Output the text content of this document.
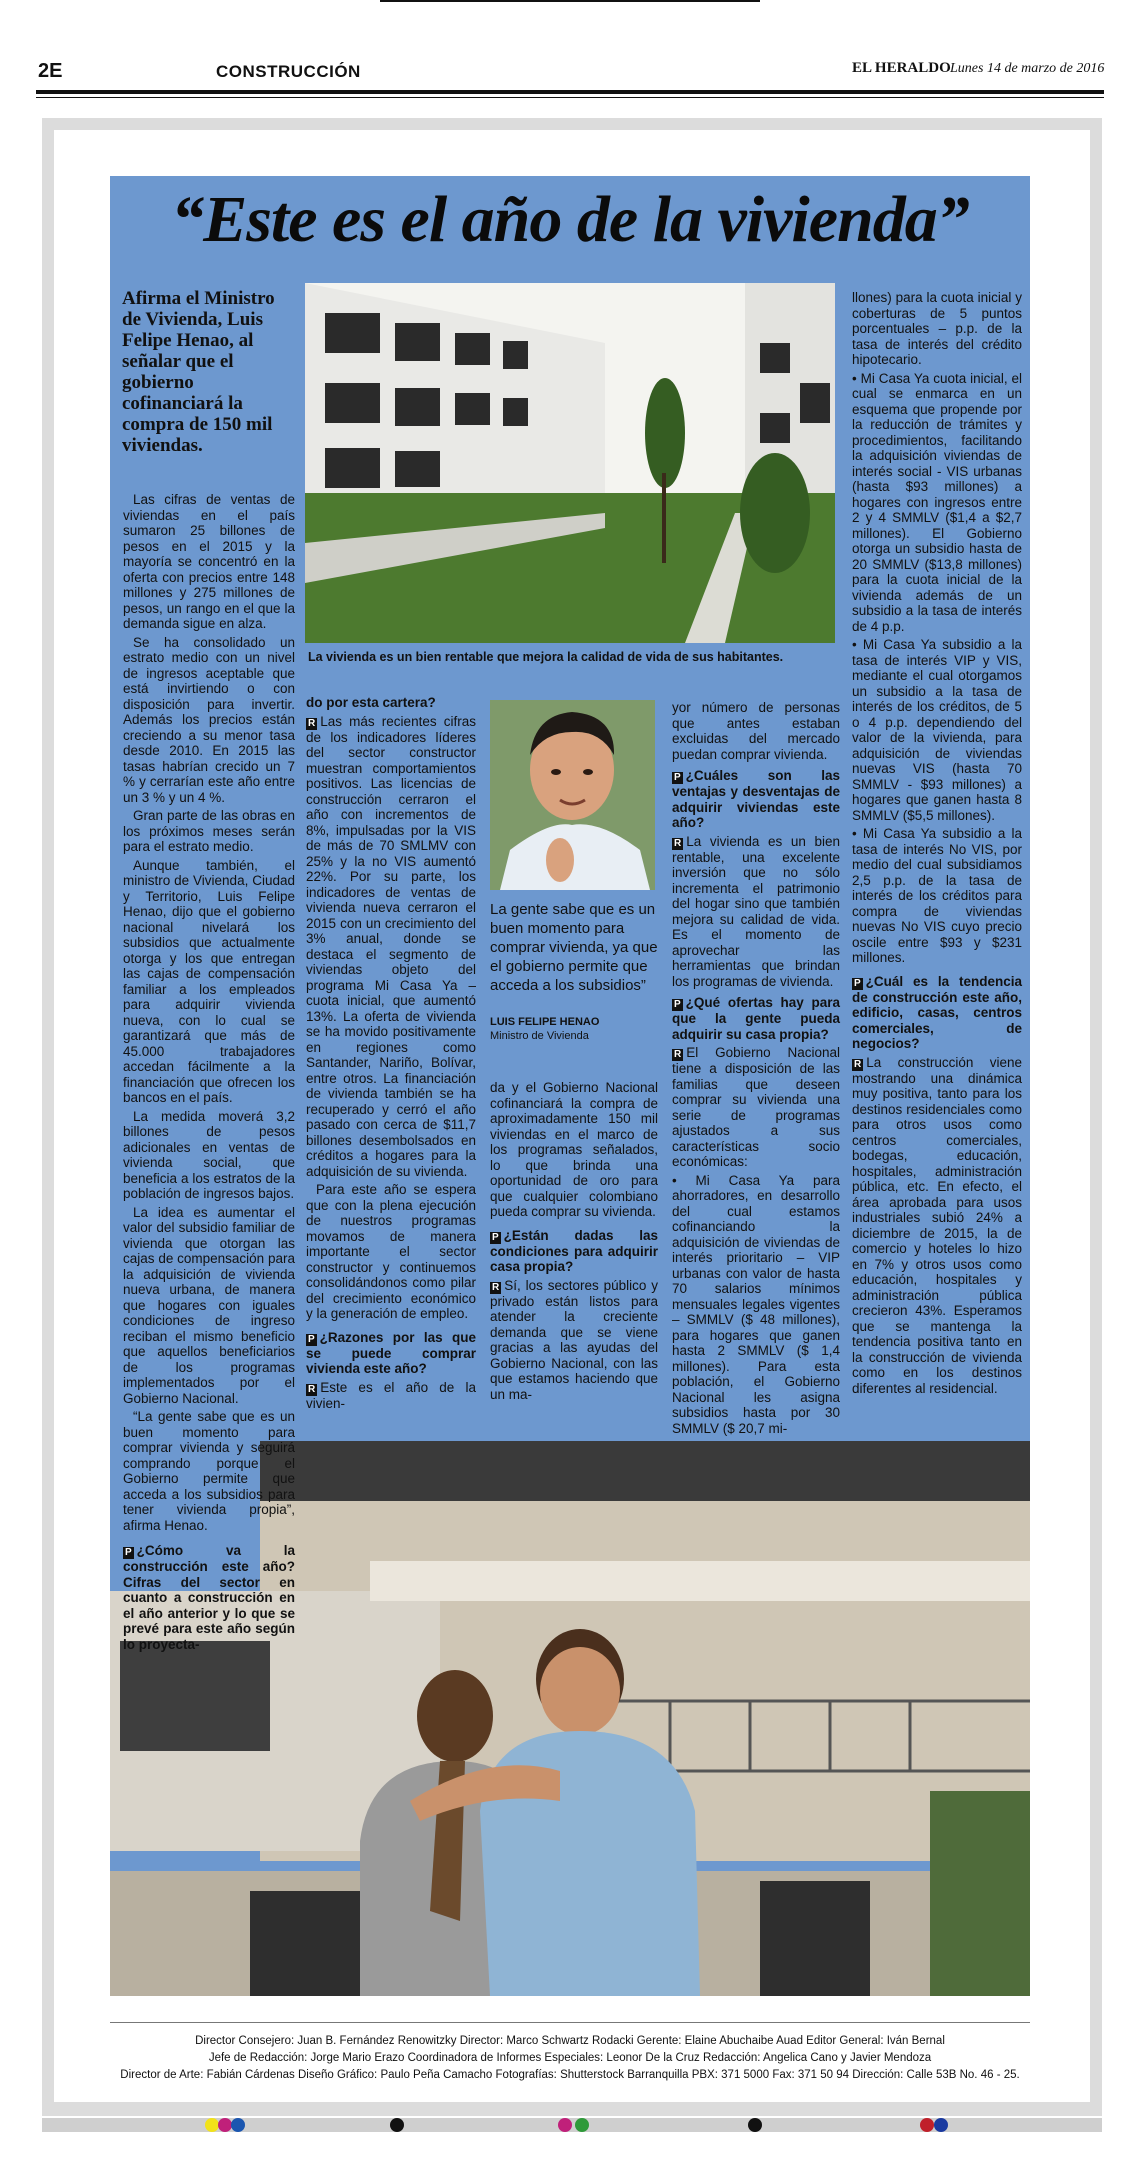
2E	CONSTRUCCIÓN	EL HERALDO Lunes 14 de marzo de 2016
“Este es el año de la vivienda”
Afirma el Ministro de Vivienda, Luis Felipe Henao, al señalar que el gobierno cofinanciará la compra de 150 mil viviendas.
La vivienda es un bien rentable que mejora la calidad de vida de sus habitantes.

Las cifras de ventas de viviendas en el país sumaron 25 billones de pesos en el 2015 y la mayoría se concentró en la oferta con precios entre 148 millones y 275 millones de pesos, un rango en el que la demanda sigue en alza.

Se ha consolidado un estrato medio con un nivel de ingresos aceptable que está invirtiendo o con disposición para invertir. Además los precios están creciendo a su menor tasa desde 2010. En 2015 las tasas habrían crecido un 7 % y cerrarían este año entre un 3 % y un 4 %.

Gran parte de las obras en los próximos meses serán para el estrato medio.

Aunque también, el ministro de Vivienda, Ciudad y Territorio, Luis Felipe Henao, dijo que el gobierno nacional nivelará los subsidios que actualmente otorga y los que entregan las cajas de compensación familiar a los empleados para adquirir vivienda nueva, con lo cual se garantizará que más de 45.000 trabajadores accedan fácilmente a la financiación que ofrecen los bancos en el país.

La medida moverá 3,2 billones de pesos adicionales en ventas de vivienda social, que beneficia a los estratos de la población de ingresos bajos.

La idea es aumentar el valor del subsidio familiar de vivienda que otorgan las cajas de compensación para la adquisición de vivienda nueva urbana, de manera que hogares con iguales condiciones de ingreso reciban el mismo beneficio que aquellos beneficiarios de los programas implementados por el Gobierno Nacional.

“La gente sabe que es un buen momento para comprar vivienda y seguirá comprando porque el Gobierno permite que acceda a los subsidios para tener vivienda propia”, afirma Henao.

P ¿Cómo va la construcción este año? Cifras del sector en cuanto a construcción en el año anterior y lo que se prevé para este año según lo proyecta-

do por esta cartera?

R Las más recientes cifras de los indicadores líderes del sector constructor muestran comportamientos positivos. Las licencias de construcción cerraron el año con incrementos de 8%, impulsadas por la VIS de más de 70 SMLMV con 25% y la no VIS aumentó 22%. Por su parte, los indicadores de ventas de vivienda nueva cerraron el 2015 con un crecimiento del 3% anual, donde se destaca el segmento de viviendas objeto del programa Mi Casa Ya – cuota inicial, que aumentó 13%. La oferta de vivienda se ha movido positivamente en regiones como Santander, Nariño, Bolívar, entre otros. La financiación de vivienda también se ha recuperado y cerró el año pasado con cerca de $11,7 billones desembolsados en créditos a hogares para la adquisición de su vivienda.

Para este año se espera que con la plena ejecución de nuestros programas movamos de manera importante el sector constructor y continuemos consolidándonos como pilar del crecimiento económico y la generación de empleo.

P ¿Razones por las que se puede comprar vivienda este año?

R Este es el año de la vivien-

La gente sabe que es un buen momento para comprar vivienda, ya que el gobierno permite que acceda a los subsidios”
LUIS FELIPE HENAO
Ministro de Vivienda

da y el Gobierno Nacional cofinanciará la compra de aproximadamente 150 mil viviendas en el marco de los programas señalados, lo que brinda una oportunidad de oro para que cualquier colombiano pueda comprar su vivienda.

P ¿Están dadas las condiciones para adquirir casa propia?

R Sí, los sectores público y privado están listos para atender la creciente demanda que se viene gracias a las ayudas del Gobierno Nacional, con las que estamos haciendo que un ma-

yor número de personas que antes estaban excluidas del mercado puedan comprar vivienda.

P ¿Cuáles son las ventajas y desventajas de adquirir viviendas este año?

R La vivienda es un bien rentable, una excelente inversión que no sólo incrementa el patrimonio del hogar sino que también mejora su calidad de vida. Es el momento de aprovechar las herramientas que brindan los programas de vivienda.

P ¿Qué ofertas hay para que la gente pueda adquirir su casa propia?

R El Gobierno Nacional tiene a disposición de las familias que deseen comprar su vivienda una serie de programas ajustados a sus características socio económicas:

• Mi Casa Ya para ahorradores, en desarrollo del cual estamos cofinanciando la adquisición de viviendas de interés prioritario – VIP urbanas con valor de hasta 70 salarios mínimos mensuales legales vigentes – SMMLV ($ 48 millones), para hogares que ganen hasta 2 SMMLV ($ 1,4 millones). Para esta población, el Gobierno Nacional les asigna subsidios hasta por 30 SMMLV ($ 20,7 mi-

llones) para la cuota inicial y coberturas de 5 puntos porcentuales – p.p. de la tasa de interés del crédito hipotecario.

• Mi Casa Ya cuota inicial, el cual se enmarca en un esquema que propende por la reducción de trámites y procedimientos, facilitando la adquisición viviendas de interés social - VIS urbanas (hasta $93 millones) a hogares con ingresos entre 2 y 4 SMMLV ($1,4 a $2,7 millones). El Gobierno otorga un subsidio hasta de 20 SMMLV ($13,8 millones) para la cuota inicial de la vivienda además de un subsidio a la tasa de interés de 4 p.p.

• Mi Casa Ya subsidio a la tasa de interés VIP y VIS, mediante el cual otorgamos un subsidio a la tasa de interés de los créditos, de 5 o 4 p.p. dependiendo del valor de la vivienda, para adquisición de viviendas nuevas VIS (hasta 70 SMMLV - $93 millones) a hogares que ganen hasta 8 SMMLV ($5,5 millones).

• Mi Casa Ya subsidio a la tasa de interés No VIS, por medio del cual subsidiamos 2,5 p.p. de la tasa de interés de los créditos para compra de viviendas nuevas No VIS cuyo precio oscile entre $93 y $231 millones.

P ¿Cuál es la tendencia de construcción este año, edificio, casas, centros comerciales, de negocios?

R La construcción viene mostrando una dinámica muy positiva, tanto para los destinos residenciales como para otros usos como centros comerciales, bodegas, educación, hospitales, administración pública, etc. En efecto, el área aprobada para usos industriales subió 24% a diciembre de 2015, la de comercio y hoteles lo hizo en 7% y otros usos como educación, hospitales y administración pública crecieron 43%. Esperamos que se mantenga la tendencia positiva tanto en la construcción de vivienda como en los destinos diferentes al residencial.

Director Consejero: Juan B. Fernández Renowitzky Director: Marco Schwartz Rodacki Gerente: Elaine Abuchaibe Auad Editor General: Iván Bernal
Jefe de Redacción: Jorge Mario Erazo Coordinadora de Informes Especiales: Leonor De la Cruz Redacción: Angelica Cano y Javier Mendoza
Director de Arte: Fabián Cárdenas Diseño Gráfico: Paulo Peña Camacho Fotografías: Shutterstock Barranquilla PBX: 371 5000 Fax: 371 50 94 Dirección: Calle 53B No. 46 - 25.
